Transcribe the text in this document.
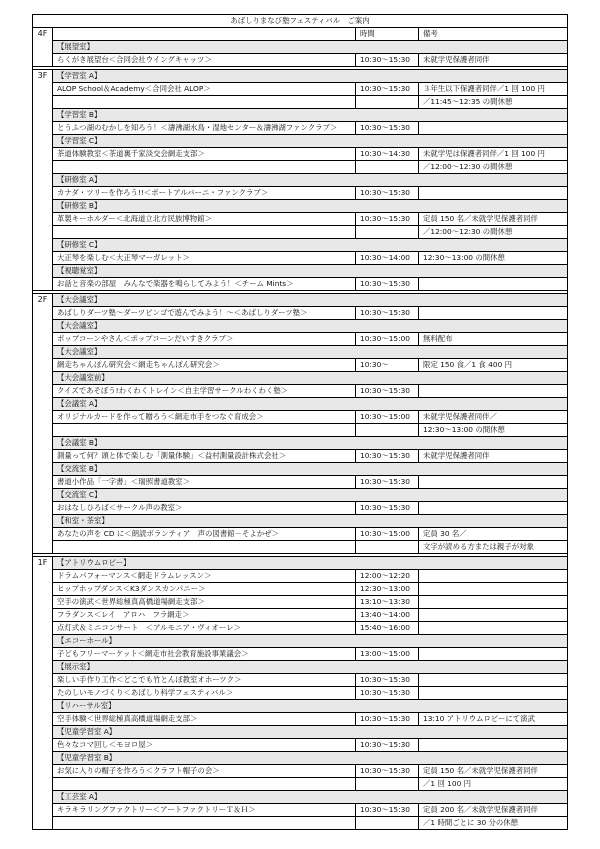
あばしりまなび塾フェスティバル　ご案内			
4F		時間	備考
	【展望室】		
	らくがき展望台＜合同会社ウイングキャッツ＞	10:30～15:30	未就学児保護者同伴

3F	【学習室 A】		
	ALOP School＆Academy＜合同会社 ALOP＞	10:30～15:30	３年生以下保護者同伴／1 回 100 円
			／11:45～12:35 の間休憩
	【学習室 B】		
	とうふつ湖のむかしを知ろう！＜濤沸湖水鳥・湿地センター＆濤沸湖ファンクラブ＞	10:30～15:30	
	【学習室 C】		
	茶道体験教室＜茶道裏千家淡交会網走支部＞	10:30～14:30	未就学児は保護者同伴／1 回 100 円
			／12:00～12:30 の間休憩
	【研修室 A】		
	カナダ・ツリーを作ろう!!＜ポートアルバーニ・ファンクラブ＞	10:30～15:30	
	【研修室 B】		
	革製キーホルダー＜北海道立北方民族博物館＞	10:30～15:30	定員 150 名／未就学児保護者同伴
			／12:00～12:30 の間休憩
	【研修室 C】		
	大正琴を楽しむ＜大正琴マーガレット＞	10:30～14:00	12:30～13:00 の間休憩
	【視聴覚室】		
	お話と音楽の部屋　みんなで楽器を鳴らしてみよう！＜チーム Mints＞	10:30～15:30	

2F	【大会議室】		
	あばしりダーツ塾～ダーツビンゴで遊んでみよう！～＜あばしりダーツ塾＞	10:30～15:30	
	【大会議室】		
	ポップコーンやさん＜ポップコーンだいすきクラブ＞	10:30～15:00	無料配布
	【大会議室】		
	網走ちゃんぽん研究会＜網走ちゃんぽん研究会＞	10:30～	限定 150 食／1 食 400 円
	【大会議室前】		
	クイズであそぼう!わくわくトレイン＜自主学習サークルわくわく塾＞	10:30～15:30	
	【会議室 A】		
	オリジナルカードを作って贈ろう＜網走市手をつなぐ育成会＞	10:30～15:00	未就学児保護者同伴／
			12:30～13:00 の間休憩
	【会議室 B】		
	測量って何？頭と体で楽しむ「測量体験」＜益村測量設計株式会社＞	10:30～15:30	未就学児保護者同伴
	【交流室 B】		
	書道小作品「一字書」＜瑞照書道教室＞	10:30～15:30	
	【交流室 C】		
	おはなしひろば＜サークル声の教室＞	10:30～15:30	
	【和室・茶室】		
	あなたの声を CD に＜朗読ボランティア　声の図書館－そよかぜ＞	10:30～15:00	定員 30 名／
			文字が読める方または親子が対象

1F	【アトリウムロビー】		
	ドラムパフォーマンス＜網走ドラムレッスン＞	12:00～12:20	
	ヒップホップダンス＜K3ダンスカンパニー＞	12:30～13:00	
	空手の演武＜世界総極真高橋道場網走支部＞	13:10～13:30	
	フラダンス＜レイ　アロハ　フラ網走＞	13:40～14:00	
	点灯式＆ミニコンサート　＜アルモニア・ヴィオーレ＞	15:40～16:00	
	【エコーホール】		
	子どもフリーマーケット＜網走市社会教育施設事業議会＞	13:00～15:00	
	【展示室】		
	楽しい手作り工作＜どこでも竹とんぼ教室オホーツク＞	10:30～15:30	
	たのしいモノづくり＜あばしり科学フェスティバル＞	10:30～15:30	
	【リハーサル室】		
	空手体験＜世界総極真高橋道場網走支部＞	10:30～15:30	13:10 アトリウムロビーにて演武
	【児童学習室 A】		
	色々なコマ回し＜モヨロ屋＞	10:30～15:30	
	【児童学習室 B】		
	お気に入りの帽子を作ろう＜クラフト帽子の会＞	10:30～15:30	定員 150 名／未就学児保護者同伴
			／1 回 100 円
	【工芸室 A】		
	キラキラリングファクトリー＜アートファクトリーＴ＆Ｈ＞	10:30～15:30	定員 200 名／未就学児保護者同伴
			／1 時間ごとに 30 分の休憩
